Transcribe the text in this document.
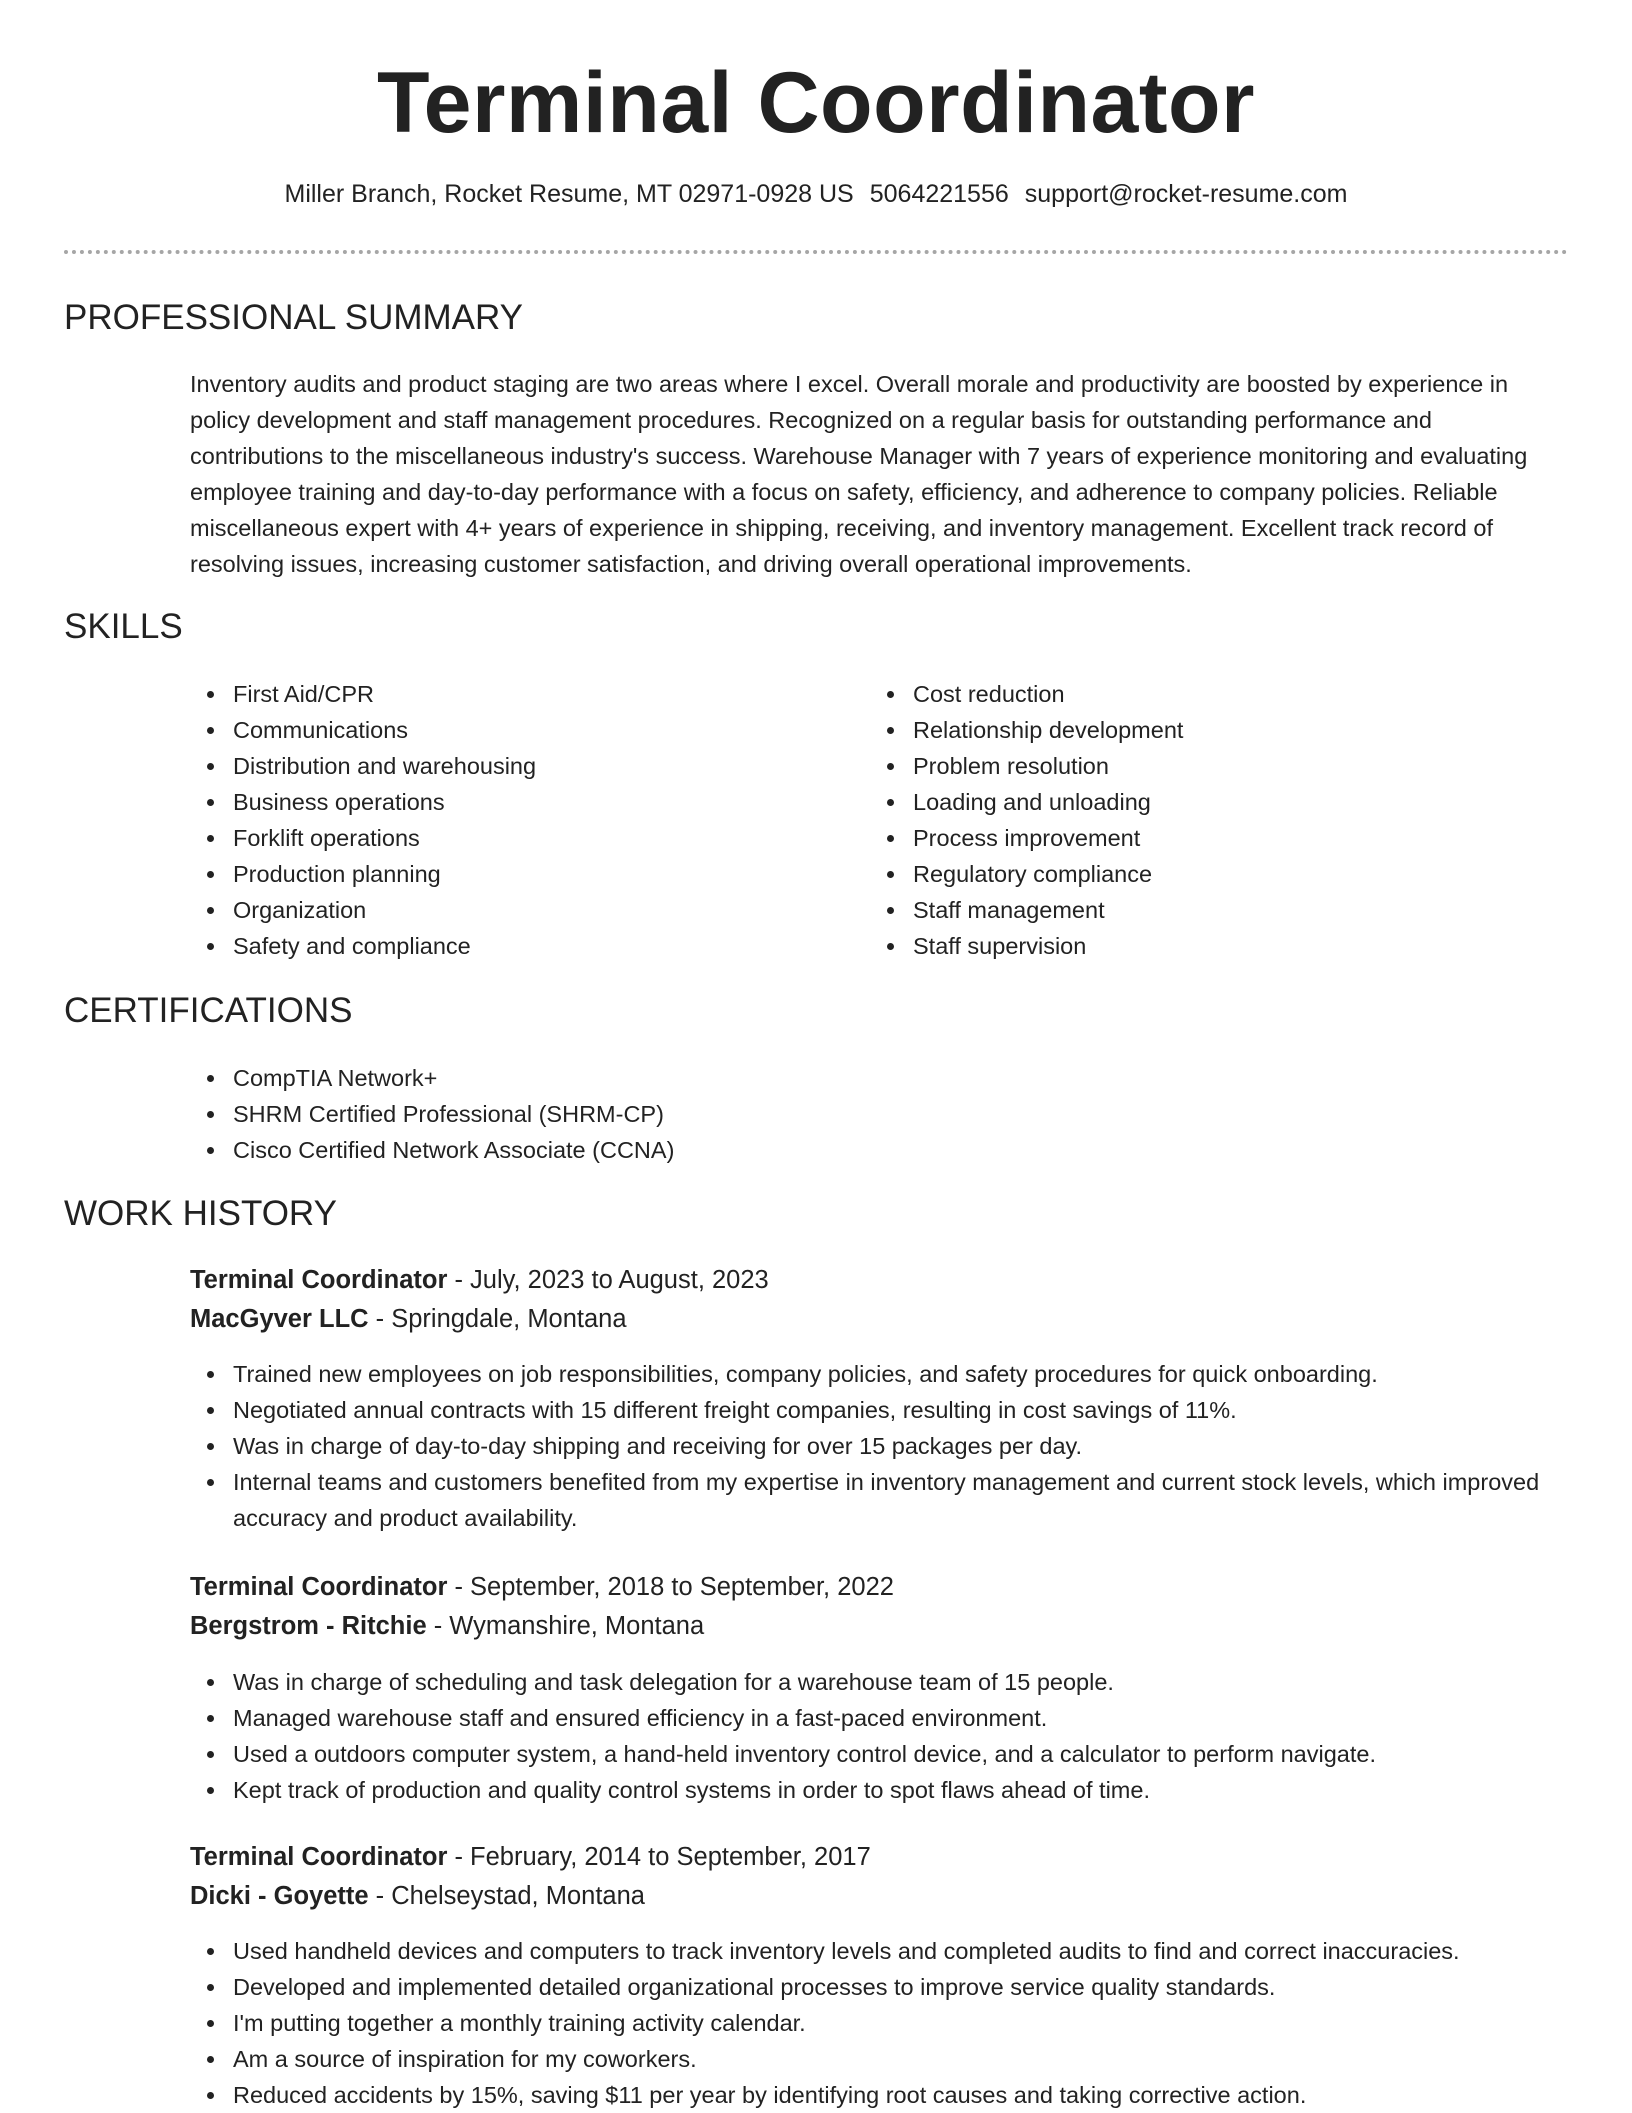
Terminal Coordinator
Miller Branch, Rocket Resume, MT 02971-0928 US 5064221556 support@rocket-resume.com
PROFESSIONAL SUMMARY

Inventory audits and product staging are two areas where I excel. Overall morale and productivity are boosted by experience in policy development and staff management procedures. Recognized on a regular basis for outstanding performance and contributions to the miscellaneous industry's success. Warehouse Manager with 7 years of experience monitoring and evaluating employee training and day-to-day performance with a focus on safety, efficiency, and adherence to company policies. Reliable miscellaneous expert with 4+ years of experience in shipping, receiving, and inventory management. Excellent track record of resolving issues, increasing customer satisfaction, and driving overall operational improvements.

SKILLS
First Aid/CPR
Communications
Distribution and warehousing
Business operations
Forklift operations
Production planning
Organization
Safety and compliance
Cost reduction
Relationship development
Problem resolution
Loading and unloading
Process improvement
Regulatory compliance
Staff management
Staff supervision
CERTIFICATIONS
CompTIA Network+
SHRM Certified Professional (SHRM-CP)
Cisco Certified Network Associate (CCNA)
WORK HISTORY
Terminal Coordinator - July, 2023 to August, 2023
MacGyver LLC - Springdale, Montana
Trained new employees on job responsibilities, company policies, and safety procedures for quick onboarding.
Negotiated annual contracts with 15 different freight companies, resulting in cost savings of 11%.
Was in charge of day-to-day shipping and receiving for over 15 packages per day.
Internal teams and customers benefited from my expertise in inventory management and current stock levels, which improved accuracy and product availability.
Terminal Coordinator - September, 2018 to September, 2022
Bergstrom - Ritchie - Wymanshire, Montana
Was in charge of scheduling and task delegation for a warehouse team of 15 people.
Managed warehouse staff and ensured efficiency in a fast-paced environment.
Used a outdoors computer system, a hand-held inventory control device, and a calculator to perform navigate.
Kept track of production and quality control systems in order to spot flaws ahead of time.
Terminal Coordinator - February, 2014 to September, 2017
Dicki - Goyette - Chelseystad, Montana
Used handheld devices and computers to track inventory levels and completed audits to find and correct inaccuracies.
Developed and implemented detailed organizational processes to improve service quality standards.
I'm putting together a monthly training activity calendar.
Am a source of inspiration for my coworkers.
Reduced accidents by 15%, saving $11 per year by identifying root causes and taking corrective action.
